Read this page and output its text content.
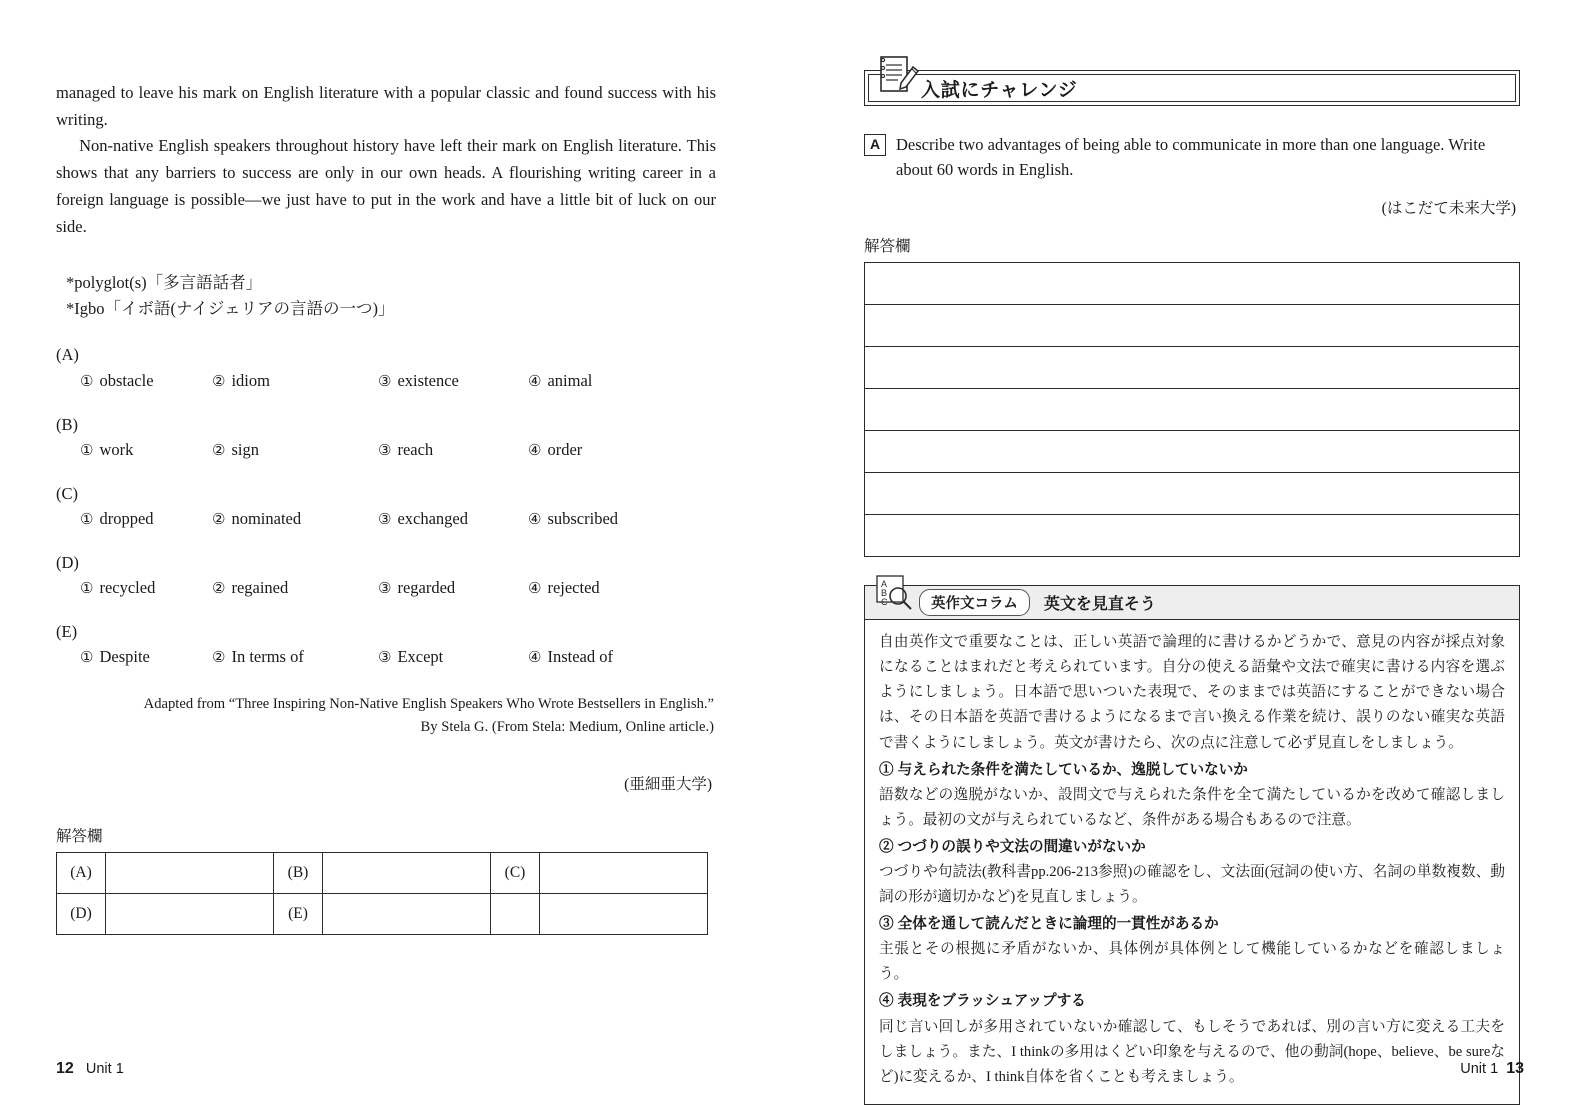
managed to leave his mark on English literature with a popular classic and found success with his writing.

Non-native English speakers throughout history have left their mark on English literature. This shows that any barriers to success are only in our own heads. A flourishing writing career in a foreign language is possible—we just have to put in the work and have a little bit of luck on our side.

*polyglot(s)「多言語話者」
*Igbo「イボ語(ナイジェリアの言語の一つ)」
(A)
① obstacle	② idiom	③ existence	④ animal
(B)
① work	② sign	③ reach	④ order
(C)
① dropped	② nominated	③ exchanged	④ subscribed
(D)
① recycled	② regained	③ regarded	④ rejected
(E)
① Despite	② In terms of	③ Except	④ Instead of
Adapted from “Three Inspiring Non-Native English Speakers Who Wrote Bestsellers in English.”
By Stela G. (From Stela: Medium, Online article.)
(亜細亜大学)
解答欄
(A)		(B)		(C)	
(D)		(E)			
入試にチャレンジ
A Describe two advantages of being able to communicate in more than one language. Write about 60 words in English.
(はこだて未来大学)
解答欄
A
B
C	英作文コラム	英文を見直そう

自由英作文で重要なことは、正しい英語で論理的に書けるかどうかで、意見の内容が採点対象になることはまれだと考えられています。自分の使える語彙や文法で確実に書ける内容を選ぶようにしましょう。日本語で思いついた表現で、そのままでは英語にすることができない場合は、その日本語を英語で書けるようになるまで言い換える作業を続け、誤りのない確実な英語で書くようにしましょう。英文が書けたら、次の点に注意して必ず見直しをしましょう。

① 与えられた条件を満たしているか、逸脱していないか

語数などの逸脱がないか、設問文で与えられた条件を全て満たしているかを改めて確認しましょう。最初の文が与えられているなど、条件がある場合もあるので注意。

② つづりの誤りや文法の間違いがないか

つづりや句読法(教科書pp.206-213参照)の確認をし、文法面(冠詞の使い方、名詞の単数複数、動詞の形が適切かなど)を見直しましょう。

③ 全体を通して読んだときに論理的一貫性があるか

主張とその根拠に矛盾がないか、具体例が具体例として機能しているかなどを確認しましょう。

④ 表現をブラッシュアップする

同じ言い回しが多用されていないか確認して、もしそうであれば、別の言い方に変える工夫をしましょう。また、I thinkの多用はくどい印象を与えるので、他の動詞(hope、believe、be sureなど)に変えるか、I think自体を省くことも考えましょう。

12 Unit 1	Unit 1 13
